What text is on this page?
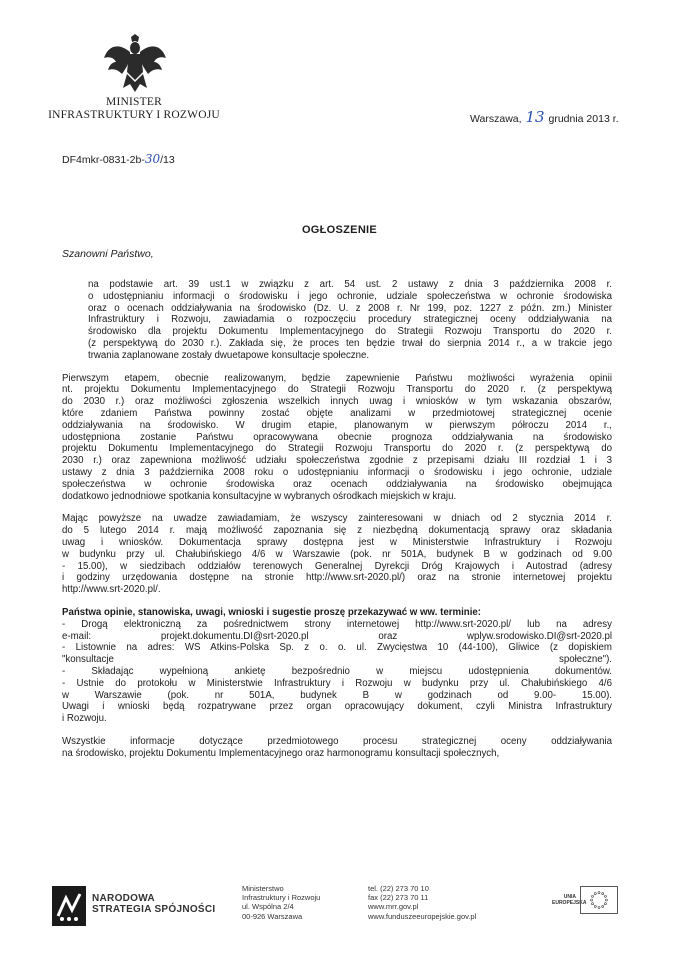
MINISTER
INFRASTRUKTURY I ROZWOJU	Warszawa, 13 grudnia 2013 r.
DF4mkr-0831-2b-30/13
OGŁOSZENIE
Szanowni Państwo,

na podstawie art. 39 ust.1 w związku z art. 54 ust. 2 ustawy z dnia 3 października 2008 r.
o udostępnianiu informacji o środowisku i jego ochronie, udziale społeczeństwa w ochronie środowiska
oraz o ocenach oddziaływania na środowisko (Dz. U. z 2008 r. Nr 199, poz. 1227 z późn. zm.) Minister
Infrastruktury i Rozwoju, zawiadamia o rozpoczęciu procedury strategicznej oceny oddziaływania na
środowisko dla projektu Dokumentu Implementacyjnego do Strategii Rozwoju Transportu do 2020 r.
(z perspektywą do 2030 r.). Zakłada się, że proces ten będzie trwał do sierpnia 2014 r., a w trakcie jego
trwania zaplanowane zostały dwuetapowe konsultacje społeczne.

Pierwszym etapem, obecnie realizowanym, będzie zapewnienie Państwu możliwości wyrażenia opinii
nt. projektu Dokumentu Implementacyjnego do Strategii Rozwoju Transportu do 2020 r. (z perspektywą
do 2030 r.) oraz możliwości zgłoszenia wszelkich innych uwag i wniosków w tym wskazania obszarów,
które zdaniem Państwa powinny zostać objęte analizami w przedmiotowej strategicznej ocenie
oddziaływania na środowisko. W drugim etapie, planowanym w pierwszym półroczu 2014 r.,
udostępniona zostanie Państwu opracowywana obecnie prognoza oddziaływania na środowisko
projektu Dokumentu Implementacyjnego do Strategii Rozwoju Transportu do 2020 r. (z perspektywą do
2030 r.) oraz zapewniona możliwość udziału społeczeństwa zgodnie z przepisami działu III rozdział 1 i 3
ustawy z dnia 3 października 2008 roku o udostępnianiu informacji o środowisku i jego ochronie, udziale
społeczeństwa w ochronie środowiska oraz ocenach oddziaływania na środowisko obejmująca
dodatkowo jednodniowe spotkania konsultacyjne w wybranych ośrodkach miejskich w kraju.

Mając powyższe na uwadze zawiadamiam, że wszyscy zainteresowani w dniach od 2 stycznia 2014 r.
do 5 lutego 2014 r. mają możliwość zapoznania się z niezbędną dokumentacją sprawy oraz składania
uwag i wniosków. Dokumentacja sprawy dostępna jest w Ministerstwie Infrastruktury i Rozwoju
w budynku przy ul. Chałubińskiego 4/6 w Warszawie (pok. nr 501A, budynek B w godzinach od 9.00
- 15.00), w siedzibach oddziałów terenowych Generalnej Dyrekcji Dróg Krajowych i Autostrad (adresy
i godziny urzędowania dostępne na stronie http://www.srt-2020.pl/) oraz na stronie internetowej projektu
http://www.srt-2020.pl/.

Państwa opinie, stanowiska, uwagi, wnioski i sugestie proszę przekazywać w ww. terminie:
- Drogą elektroniczną za pośrednictwem strony internetowej http://www.srt-2020.pl/ lub na adresy
e-mail: projekt.dokumentu.DI@srt-2020.pl oraz wplyw.srodowisko.DI@srt-2020.pl
- Listownie na adres: WS Atkins-Polska Sp. z o. o. ul. Zwycięstwa 10 (44-100), Gliwice (z dopiskiem
"konsultacje społeczne").
- Składając wypełnioną ankietę bezpośrednio w miejscu udostępnienia dokumentów.
- Ustnie do protokołu w Ministerstwie Infrastruktury i Rozwoju w budynku przy ul. Chałubińskiego 4/6
w Warszawie (pok. nr 501A, budynek B w godzinach od 9.00- 15.00).
Uwagi i wnioski będą rozpatrywane przez organ opracowujący dokument, czyli Ministra Infrastruktury
i Rozwoju.

Wszystkie informacje dotyczące przedmiotowego procesu strategicznej oceny oddziaływania
na środowisko, projektu Dokumentu Implementacyjnego oraz harmonogramu konsultacji społecznych,

NARODOWA
STRATEGIA SPÓJNOŚCI
Ministerstwo
Infrastruktury i Rozwoju
ul. Wspólna 2/4
00-926 Warszawa
tel. (22) 273 70 10
fax (22) 273 70 11
www.mrr.gov.pl
www.funduszeeuropejskie.gov.pl
UNIA
EUROPEJSKA
